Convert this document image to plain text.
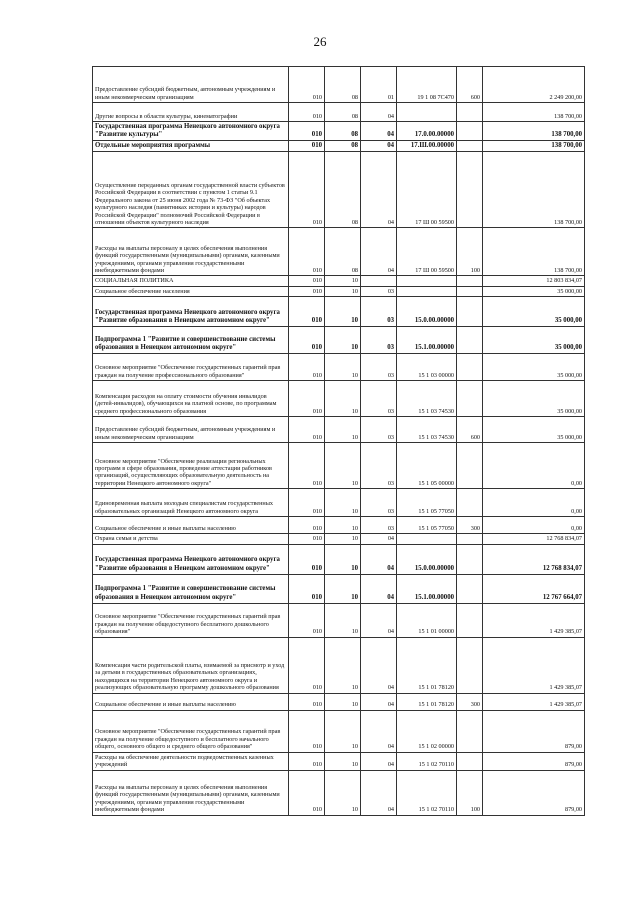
26
Предоставление субсидий бюджетным, автономным учреждениям и иным некоммерческим организациям	010	08	01	19 1 08 7C470	600	2 249 200,00
Другие вопросы в области культуры, кинематографии	010	08	04			138 700,00
Государственная программа Ненецкого автономного округа "Развитие культуры"	010	08	04	17.0.00.00000		138 700,00
Отдельные мероприятия программы	010	08	04	17.Ш.00.00000		138 700,00
Осуществление переданных органам государственной власти субъектов Российской Федерации в соответствии с пунктом 1 статьи 9.1 Федерального закона от 25 июня 2002 года № 73-ФЗ "Об объектах культурного наследия (памятниках истории и культуры) народов Российской Федерации" полномочий Российской Федерации в отношении объектов культурного наследия	010	08	04	17 Ш 00 59500		138 700,00
Расходы на выплаты персоналу в целях обеспечения выполнения функций государственными (муниципальными) органами, казенными учреждениями, органами управления государственными внебюджетными фондами	010	08	04	17 Ш 00 59500	100	138 700,00
СОЦИАЛЬНАЯ ПОЛИТИКА	010	10				12 803 834,07
Социальное обеспечение населения	010	10	03			35 000,00
Государственная программа Ненецкого автономного округа "Развитие образования в Ненецком автономном округе"	010	10	03	15.0.00.00000		35 000,00
Подпрограмма 1 "Развитие и совершенствование системы образования в Ненецком автономном округе"	010	10	03	15.1.00.00000		35 000,00
Основное мероприятие "Обеспечение государственных гарантий прав граждан на получение профессионального образования"	010	10	03	15 1 03 00000		35 000,00
Компенсация расходов на оплату стоимости обучения инвалидов (детей-инвалидов), обучающихся на платной основе, по программам среднего профессионального образования	010	10	03	15 1 03 74530		35 000,00
Предоставление субсидий бюджетным, автономным учреждениям и иным некоммерческим организациям	010	10	03	15 1 03 74530	600	35 000,00
Основное мероприятие "Обеспечение реализации региональных программ в сфере образования, проведение аттестации работников организаций, осуществляющих образовательную деятельность на территории Ненецкого автономного округа"	010	10	03	15 1 05 00000		0,00
Единовременная выплата молодым специалистам государственных образовательных организаций Ненецкого автономного округа	010	10	03	15 1 05 77050		0,00
Социальное обеспечение и иные выплаты населению	010	10	03	15 1 05 77050	300	0,00
Охрана семьи и детства	010	10	04			12 768 834,07
Государственная программа Ненецкого автономного округа "Развитие образования в Ненецком автономном округе"	010	10	04	15.0.00.00000		12 768 834,07
Подпрограмма 1 "Развитие и совершенствование системы образования в Ненецком автономном округе"	010	10	04	15.1.00.00000		12 767 664,07
Основное мероприятие "Обеспечение государственных гарантий прав граждан на получение общедоступного бесплатного дошкольного образования"	010	10	04	15 1 01 00000		1 429 385,07
Компенсация части родительской платы, взимаемой за присмотр и уход за детьми в государственных образовательных организациях, находящихся на территории Ненецкого автономного округа и реализующих образовательную программу дошкольного образования	010	10	04	15 1 01 78120		1 429 385,07
Социальное обеспечение и иные выплаты населению	010	10	04	15 1 01 78120	300	1 429 385,07
Основное мероприятие "Обеспечение государственных гарантий прав граждан на получение общедоступного и бесплатного начального общего, основного общего и среднего общего образования"	010	10	04	15 1 02 00000		879,00
Расходы на обеспечение деятельности подведомственных казенных учреждений	010	10	04	15 1 02 70110		879,00
Расходы на выплаты персоналу в целях обеспечения выполнения функций государственными (муниципальными) органами, казенными учреждениями, органами управления государственными внебюджетными фондами	010	10	04	15 1 02 70110	100	879,00
